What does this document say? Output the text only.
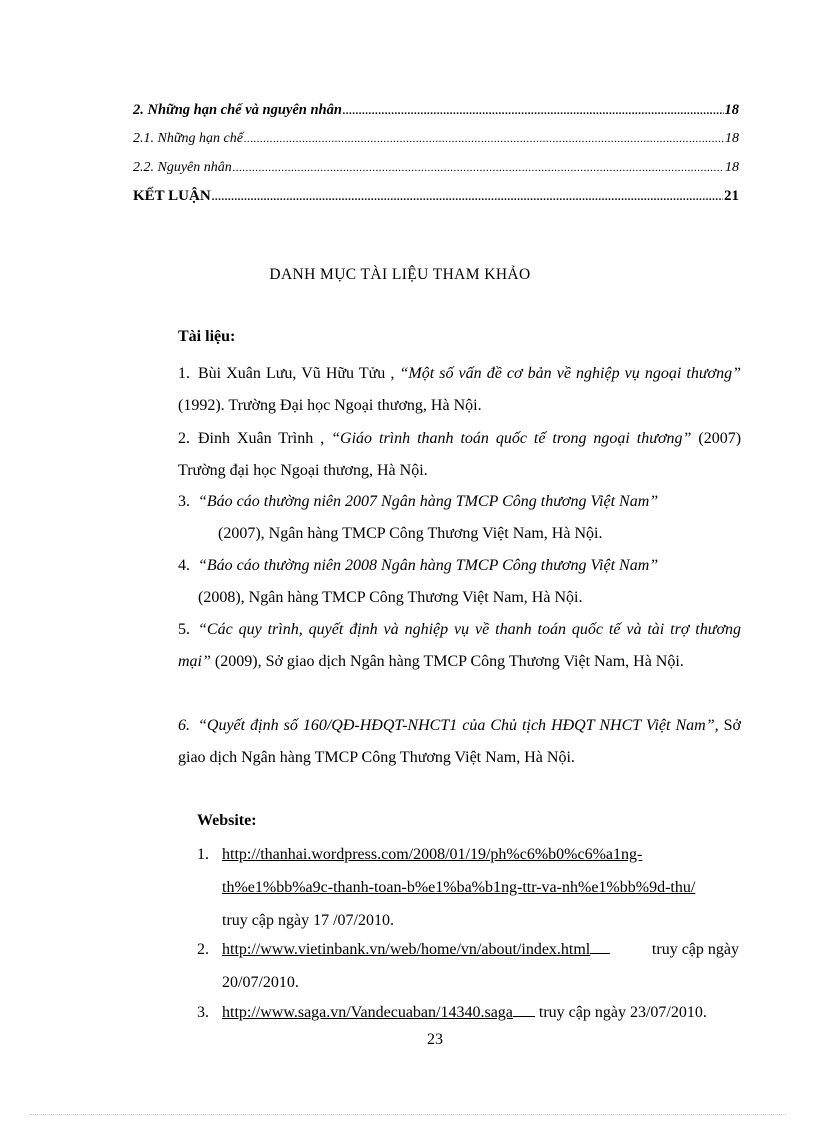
2. Những hạn chế và nguyên nhân .....	18
2.1. Những hạn chế .....	18
2.2. Nguyên nhân .....	18
KẾT LUẬN .....	21
DANH MỤC TÀI LIỆU THAM KHẢO
Tài liệu:
1. Bùi Xuân Lưu, Vũ Hữu Tửu , “Một số vấn đề cơ bản về nghiệp vụ ngoại thương” (1992). Trường Đại học Ngoại thương, Hà Nội.
2. Đinh Xuân Trình , “Giáo trình thanh toán quốc tế trong ngoại thương” (2007) Trường đại học Ngoại thương, Hà Nội.
3. “Báo cáo thường niên 2007 Ngân hàng TMCP Công thương Việt Nam”
(2007), Ngân hàng TMCP Công Thương Việt Nam, Hà Nội.
4. “Báo cáo thường niên 2008 Ngân hàng TMCP Công thương Việt Nam”
(2008), Ngân hàng TMCP Công Thương Việt Nam, Hà Nội.
5. “Các quy trình, quyết định và nghiệp vụ về thanh toán quốc tế và tài trợ thương mại” (2009), Sở giao dịch Ngân hàng TMCP Công Thương Việt Nam, Hà Nội.
6. “Quyết định số 160/QĐ-HĐQT-NHCT1 của Chủ tịch HĐQT NHCT Việt Nam”, Sở giao dịch Ngân hàng TMCP Công Thương Việt Nam, Hà Nội.
Website:
1. http://thanhai.wordpress.com/2008/01/19/ph%c6%b0%c6%a1ng-
th%e1%bb%a9c-thanh-toan-b%e1%ba%b1ng-ttr-va-nh%e1%bb%9d-thu/
truy cập ngày 17 /07/2010.
2. http://www.vietinbank.vn/web/home/vn/about/index.html	truy cập ngày
20/07/2010.
3. http://www.saga.vn/Vandecuaban/14340.saga truy cập ngày 23/07/2010.
23
